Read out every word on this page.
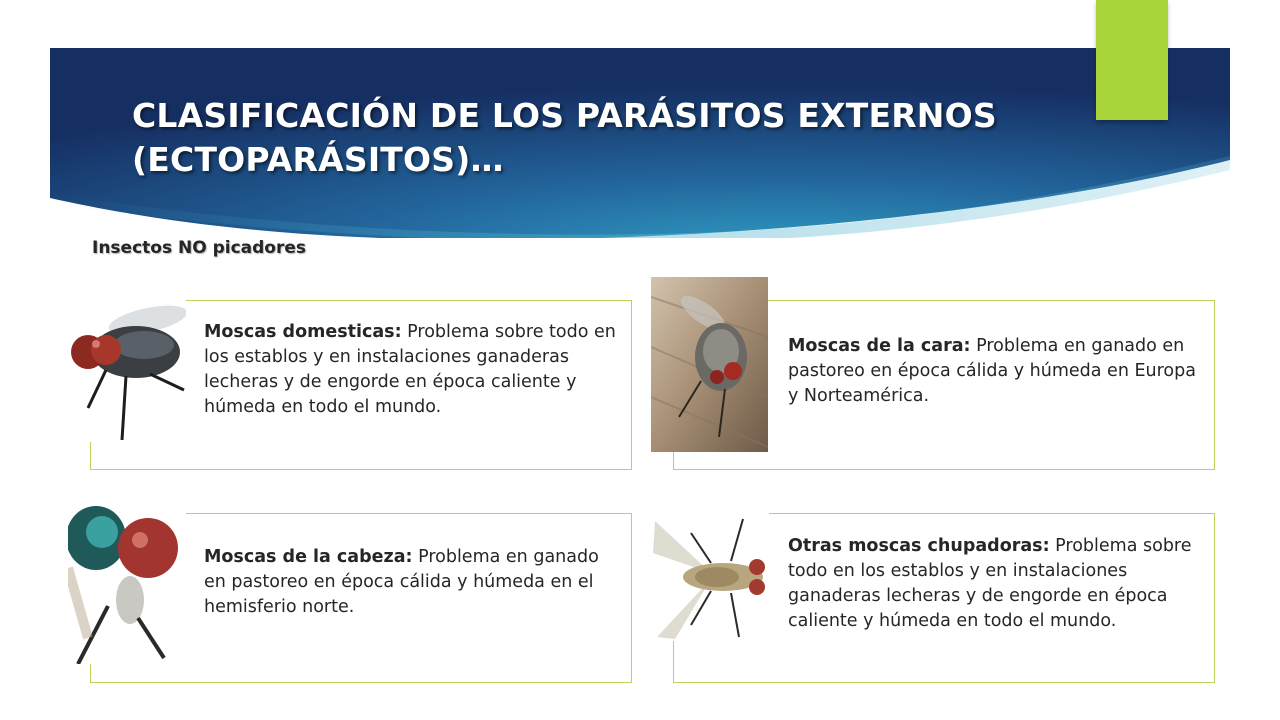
CLASIFICACIÓN DE LOS PARÁSITOS EXTERNOS
(ECTOPARÁSITOS)…
Insectos NO picadores

Moscas domesticas: Problema sobre todo en los establos y en instalaciones ganaderas lecheras y de engorde en época caliente y húmeda en todo el mundo.

Moscas de la cara: Problema en ganado en pastoreo en época cálida y húmeda en Europa y Norteamérica.

Moscas de la cabeza: Problema en ganado en pastoreo en época cálida y húmeda en el hemisferio norte.

Otras moscas chupadoras: Problema sobre todo en los establos y en instalaciones ganaderas lecheras y de engorde en época caliente y húmeda en todo el mundo.
